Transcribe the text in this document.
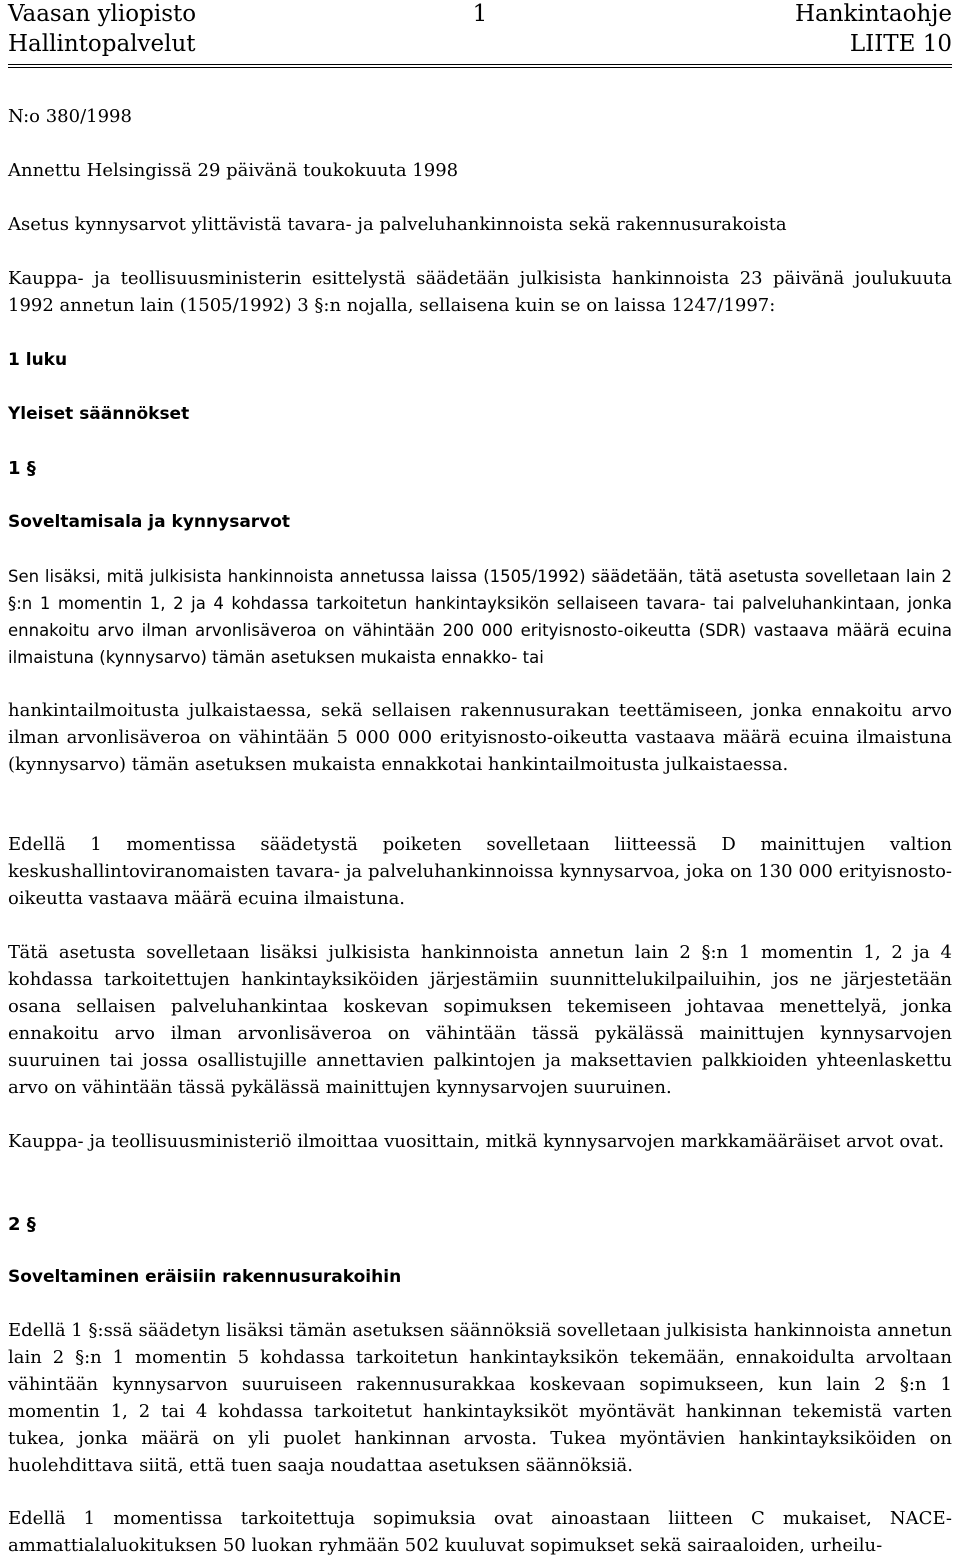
Vaasan yliopisto	1	Hankintaohje
Hallintopalvelut	LIITE 10

N:o 380/1998

Annettu Helsingissä 29 päivänä toukokuuta 1998

Asetus kynnysarvot ylittävistä tavara- ja palveluhankinnoista sekä rakennusurakoista

Kauppa- ja teollisuusministerin esittelystä säädetään julkisista hankinnoista 23 päivänä joulukuuta 1992 annetun lain (1505/1992) 3 §:n nojalla, sellaisena kuin se on laissa 1247/1997:

1 luku

Yleiset säännökset

1 §

Soveltamisala ja kynnysarvot

Sen lisäksi, mitä julkisista hankinnoista annetussa laissa (1505/1992) säädetään, tätä asetusta sovelletaan lain 2 §:n 1 momentin 1, 2 ja 4 kohdassa tarkoitetun hankintayksikön sellaiseen tavara- tai palveluhankintaan, jonka ennakoitu arvo ilman arvonlisäveroa on vähintään 200 000 erityisnosto-oikeutta (SDR) vastaava määrä ecuina ilmaistuna (kynnysarvo) tämän asetuksen mukaista ennakko- tai

hankintailmoitusta julkaistaessa, sekä sellaisen rakennusurakan teettämiseen, jonka ennakoitu arvo ilman arvonlisäveroa on vähintään 5 000 000 erityisnosto-oikeutta vastaava määrä ecuina ilmaistuna (kynnysarvo) tämän asetuksen mukaista ennakkotai hankintailmoitusta julkaistaessa.

Edellä 1 momentissa säädetystä poiketen sovelletaan liitteessä D mainittujen valtion keskushallintoviranomaisten tavara- ja palveluhankinnoissa kynnysarvoa, joka on 130 000 erityisnosto-oikeutta vastaava määrä ecuina ilmaistuna.

Tätä asetusta sovelletaan lisäksi julkisista hankinnoista annetun lain 2 §:n 1 momentin 1, 2 ja 4 kohdassa tarkoitettujen hankintayksiköiden järjestämiin suunnittelukilpailuihin, jos ne järjestetään osana sellaisen palveluhankintaa koskevan sopimuksen tekemiseen johtavaa menettelyä, jonka ennakoitu arvo ilman arvonlisäveroa on vähintään tässä pykälässä mainittujen kynnysarvojen suuruinen tai jossa osallistujille annettavien palkintojen ja maksettavien palkkioiden yhteenlaskettu arvo on vähintään tässä pykälässä mainittujen kynnysarvojen suuruinen.

Kauppa- ja teollisuusministeriö ilmoittaa vuosittain, mitkä kynnysarvojen markkamääräiset arvot ovat.

2 §

Soveltaminen eräisiin rakennusurakoihin

Edellä 1 §:ssä säädetyn lisäksi tämän asetuksen säännöksiä sovelletaan julkisista hankinnoista annetun lain 2 §:n 1 momentin 5 kohdassa tarkoitetun hankintayksikön tekemään, ennakoidulta arvoltaan vähintään kynnysarvon suuruiseen rakennusurakkaa koskevaan sopimukseen, kun lain 2 §:n 1 momentin 1, 2 tai 4 kohdassa tarkoitetut hankintayksiköt myöntävät hankinnan tekemistä varten tukea, jonka määrä on yli puolet hankinnan arvosta. Tukea myöntävien hankintayksiköiden on huolehdittava siitä, että tuen saaja noudattaa asetuksen säännöksiä.

Edellä 1 momentissa tarkoitettuja sopimuksia ovat ainoastaan liitteen C mukaiset, NACE-ammattialaluokituksen 50 luokan ryhmään 502 kuuluvat sopimukset sekä sairaaloiden, urheilu-
